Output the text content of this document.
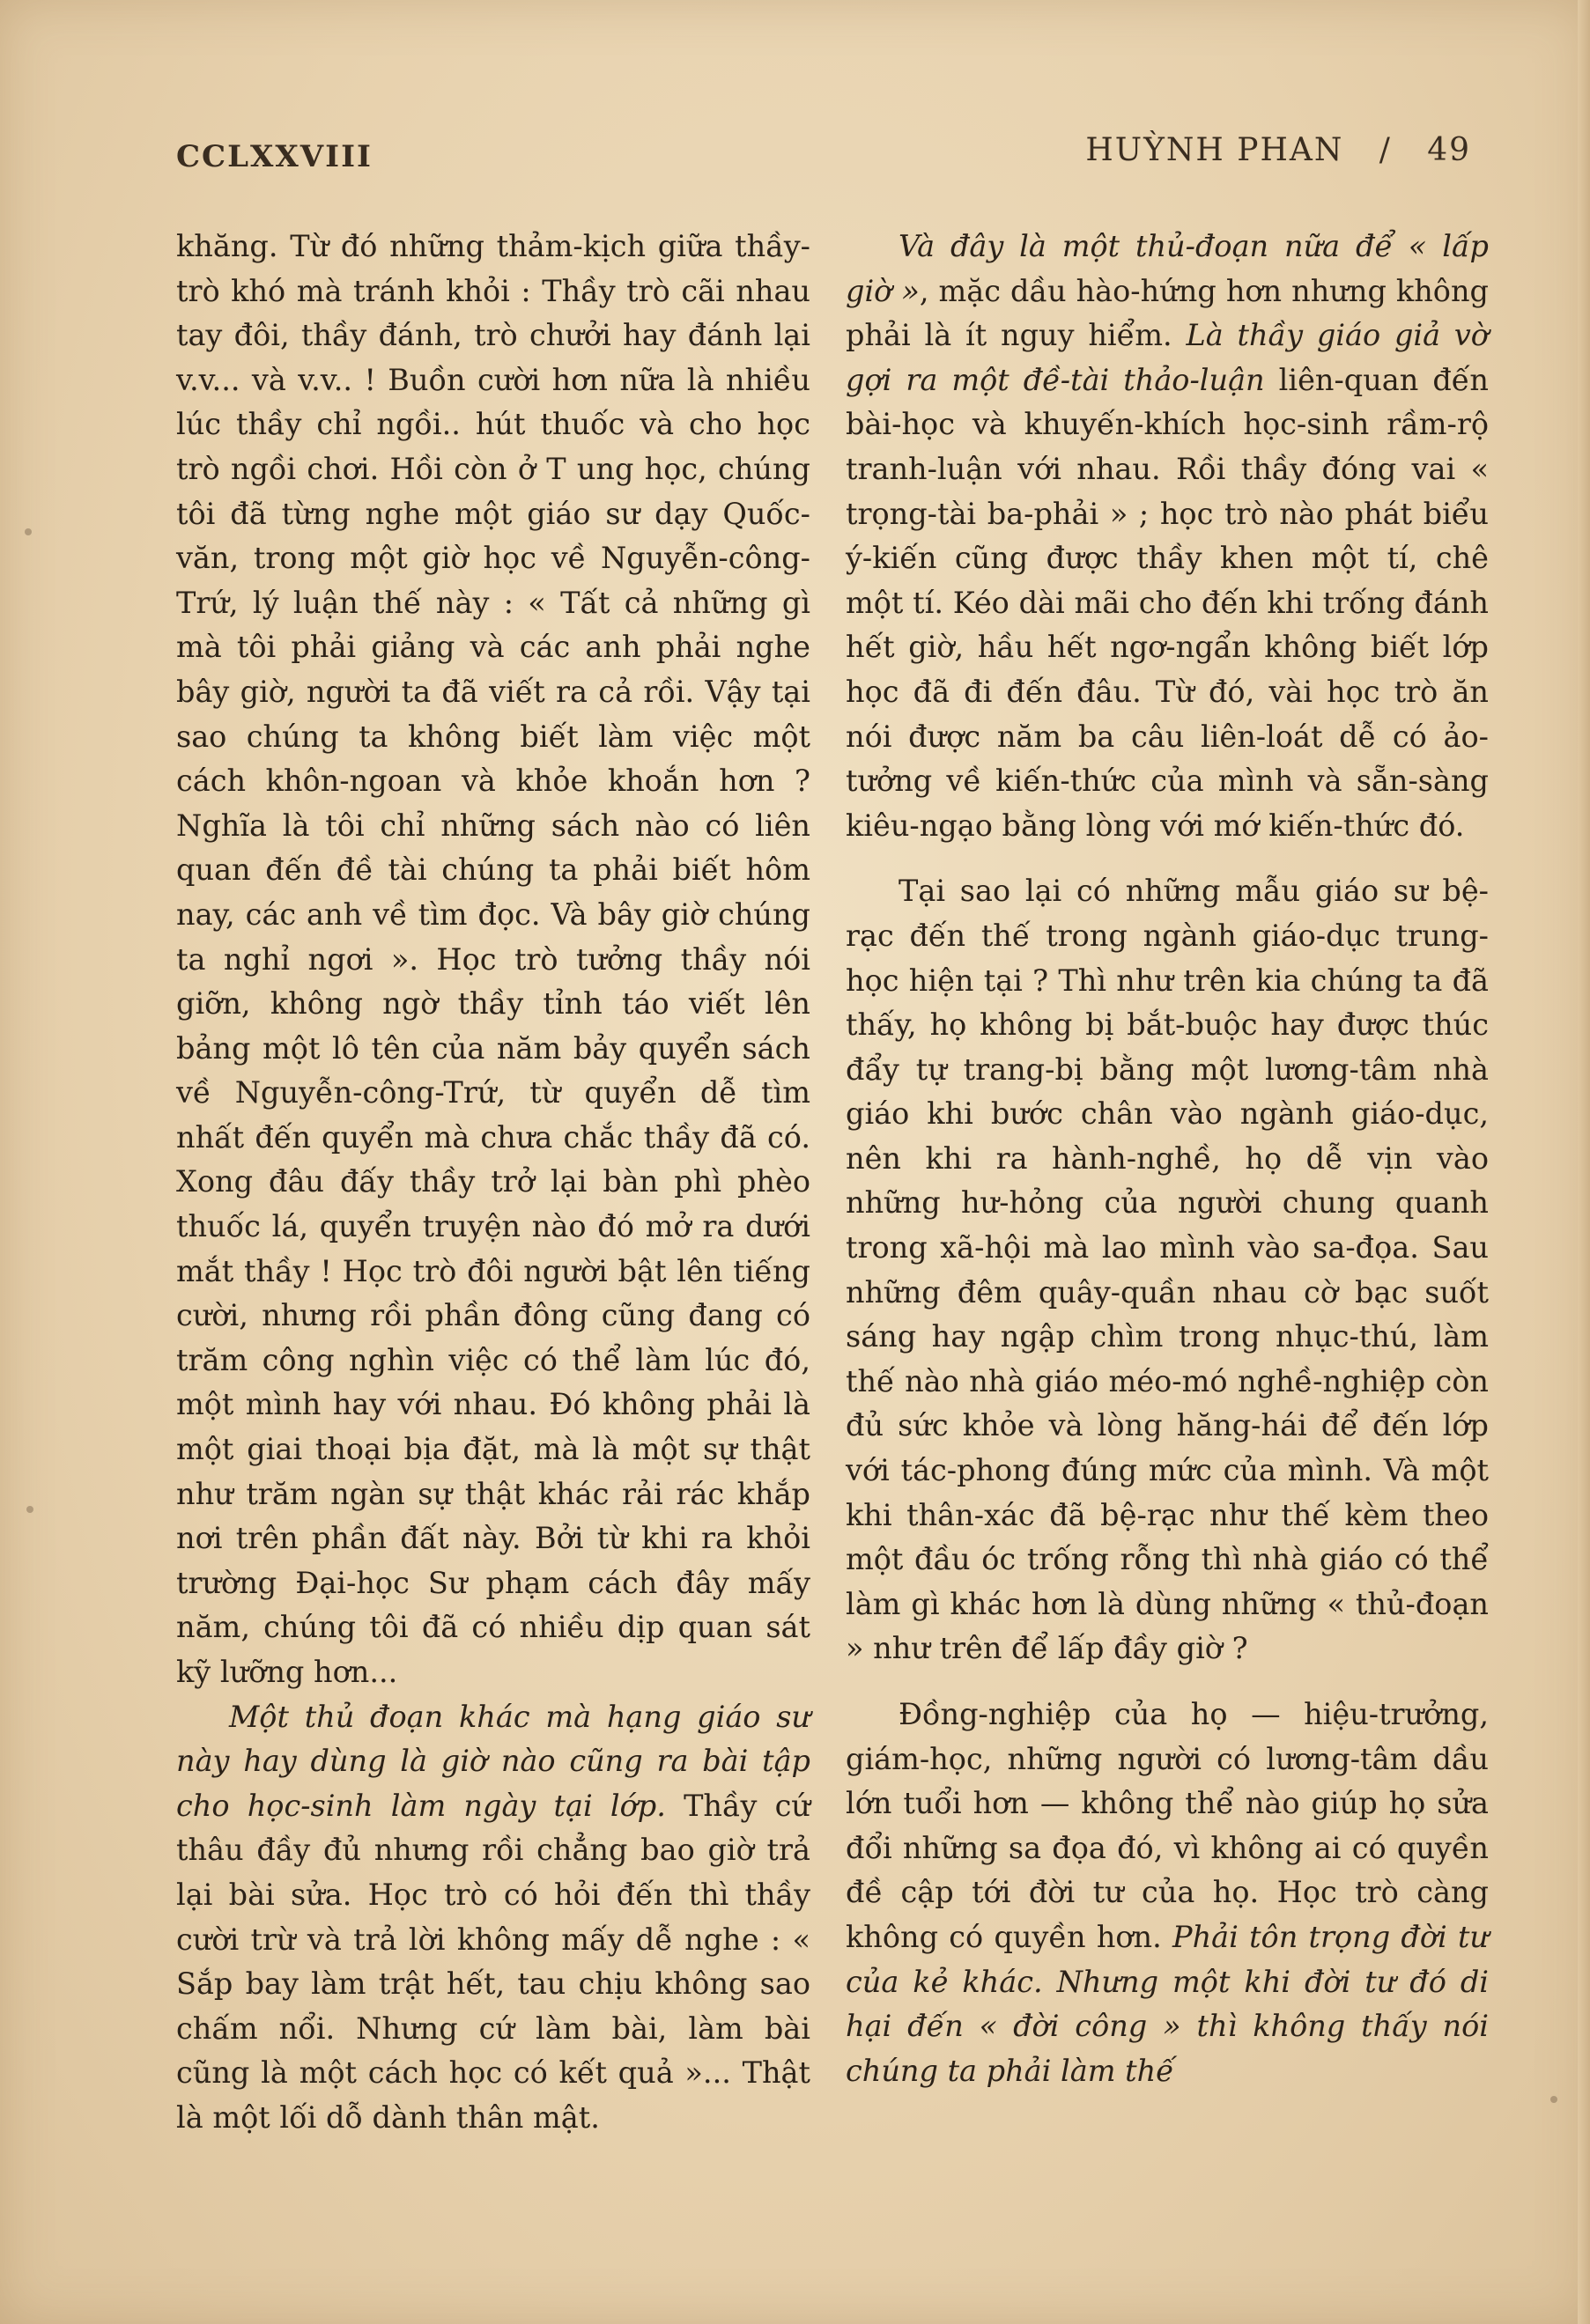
CCLXXVIII	HUỲNH PHAN / 49

khăng. Từ đó những thảm-kịch giữa thầy-trò khó mà tránh khỏi : Thầy trò cãi nhau tay đôi, thầy đánh, trò chưởi hay đánh lại v.v... và v.v.. ! Buồn cười hơn nữa là nhiều lúc thầy chỉ ngồi.. hút thuốc và cho học trò ngồi chơi. Hồi còn ở T ung học, chúng tôi đã từng nghe một giáo sư dạy Quốc-văn, trong một giờ học về Nguyễn-công-Trứ, lý luận thế này : « Tất cả những gì mà tôi phải giảng và các anh phải nghe bây giờ, người ta đã viết ra cả rồi. Vậy tại sao chúng ta không biết làm việc một cách khôn-ngoan và khỏe khoắn hơn ? Nghĩa là tôi chỉ những sách nào có liên quan đến đề tài chúng ta phải biết hôm nay, các anh về tìm đọc. Và bây giờ chúng ta nghỉ ngơi ». Học trò tưởng thầy nói giỡn, không ngờ thầy tỉnh táo viết lên bảng một lô tên của năm bảy quyển sách về Nguyễn-công-Trứ, từ quyển dễ tìm nhất đến quyển mà chưa chắc thầy đã có. Xong đâu đấy thầy trở lại bàn phì phèo thuốc lá, quyển truyện nào đó mở ra dưới mắt thầy ! Học trò đôi người bật lên tiếng cười, nhưng rồi phần đông cũng đang có trăm công nghìn việc có thể làm lúc đó, một mình hay với nhau. Đó không phải là một giai thoại bịa đặt, mà là một sự thật như trăm ngàn sự thật khác rải rác khắp nơi trên phần đất này. Bởi từ khi ra khỏi trường Đại-học Sư phạm cách đây mấy năm, chúng tôi đã có nhiều dịp quan sát kỹ lưỡng hơn...

Một thủ đoạn khác mà hạng giáo sư này hay dùng là giờ nào cũng ra bài tập cho học-sinh làm ngày tại lớp. Thầy cứ thâu đầy đủ nhưng rồi chẳng bao giờ trả lại bài sửa. Học trò có hỏi đến thì thầy cười trừ và trả lời không mấy dễ nghe : « Sắp bay làm trật hết, tau chịu không sao chấm nổi. Nhưng cứ làm bài, làm bài cũng là một cách học có kết quả »... Thật là một lối dỗ dành thân mật.

Và đây là một thủ-đoạn nữa để « lấp giờ », mặc dầu hào-hứng hơn nhưng không phải là ít nguy hiểm. Là thầy giáo giả vờ gợi ra một đề-tài thảo-luận liên-quan đến bài-học và khuyến-khích học-sinh rầm-rộ tranh-luận với nhau. Rồi thầy đóng vai « trọng-tài ba-phải » ; học trò nào phát biểu ý-kiến cũng được thầy khen một tí, chê một tí. Kéo dài mãi cho đến khi trống đánh hết giờ, hầu hết ngơ-ngẩn không biết lớp học đã đi đến đâu. Từ đó, vài học trò ăn nói được năm ba câu liên-loát dễ có ảo-tưởng về kiến-thức của mình và sẵn-sàng kiêu-ngạo bằng lòng với mớ kiến-thức đó.

Tại sao lại có những mẫu giáo sư bệ-rạc đến thế trong ngành giáo-dục trung-học hiện tại ? Thì như trên kia chúng ta đã thấy, họ không bị bắt-buộc hay được thúc đẩy tự trang-bị bằng một lương-tâm nhà giáo khi bước chân vào ngành giáo-dục, nên khi ra hành-nghề, họ dễ vịn vào những hư-hỏng của người chung quanh trong xã-hội mà lao mình vào sa-đọa. Sau những đêm quây-quần nhau cờ bạc suốt sáng hay ngập chìm trong nhục-thú, làm thế nào nhà giáo méo-mó nghề-nghiệp còn đủ sức khỏe và lòng hăng-hái để đến lớp với tác-phong đúng mức của mình. Và một khi thân-xác đã bệ-rạc như thế kèm theo một đầu óc trống rỗng thì nhà giáo có thể làm gì khác hơn là dùng những « thủ-đoạn » như trên để lấp đầy giờ ?

Đồng-nghiệp của họ — hiệu-trưởng, giám-học, những người có lương-tâm dầu lớn tuổi hơn — không thể nào giúp họ sửa đổi những sa đọa đó, vì không ai có quyền đề cập tới đời tư của họ. Học trò càng không có quyền hơn. Phải tôn trọng đời tư của kẻ khác. Nhưng một khi đời tư đó di hại đến « đời công » thì không thấy nói chúng ta phải làm thế
